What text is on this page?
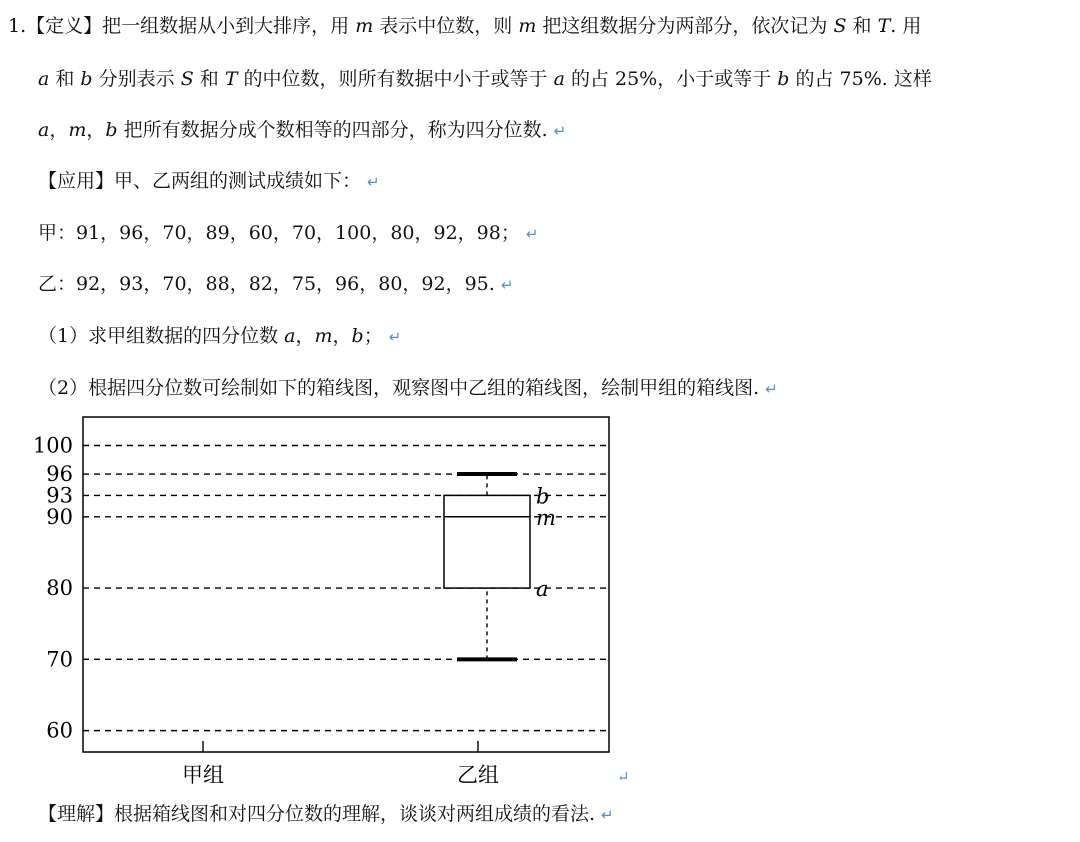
1.【定义】把一组数据从小到大排序，用 m 表示中位数，则 m 把这组数据分为两部分，依次记为 S 和 T. 用
a 和 b 分别表示 S 和 T 的中位数，则所有数据中小于或等于 a 的占 25%，小于或等于 b 的占 75%. 这样
a，m，b 把所有数据分成个数相等的四部分，称为四分位数. ↵
【应用】甲、乙两组的测试成绩如下： ↵
甲：91，96，70，89，60，70，100，80，92，98； ↵
乙：92，93，70，88，82，75，96，80，92，95. ↵
（1）求甲组数据的四分位数 a，m，b； ↵
（2）根据四分位数可绘制如下的箱线图，观察图中乙组的箱线图，绘制甲组的箱线图. ↵
60
70
80
90
93
96
100
b
m
a
甲组	乙组	↵
【理解】根据箱线图和对四分位数的理解，谈谈对两组成绩的看法. ↵
